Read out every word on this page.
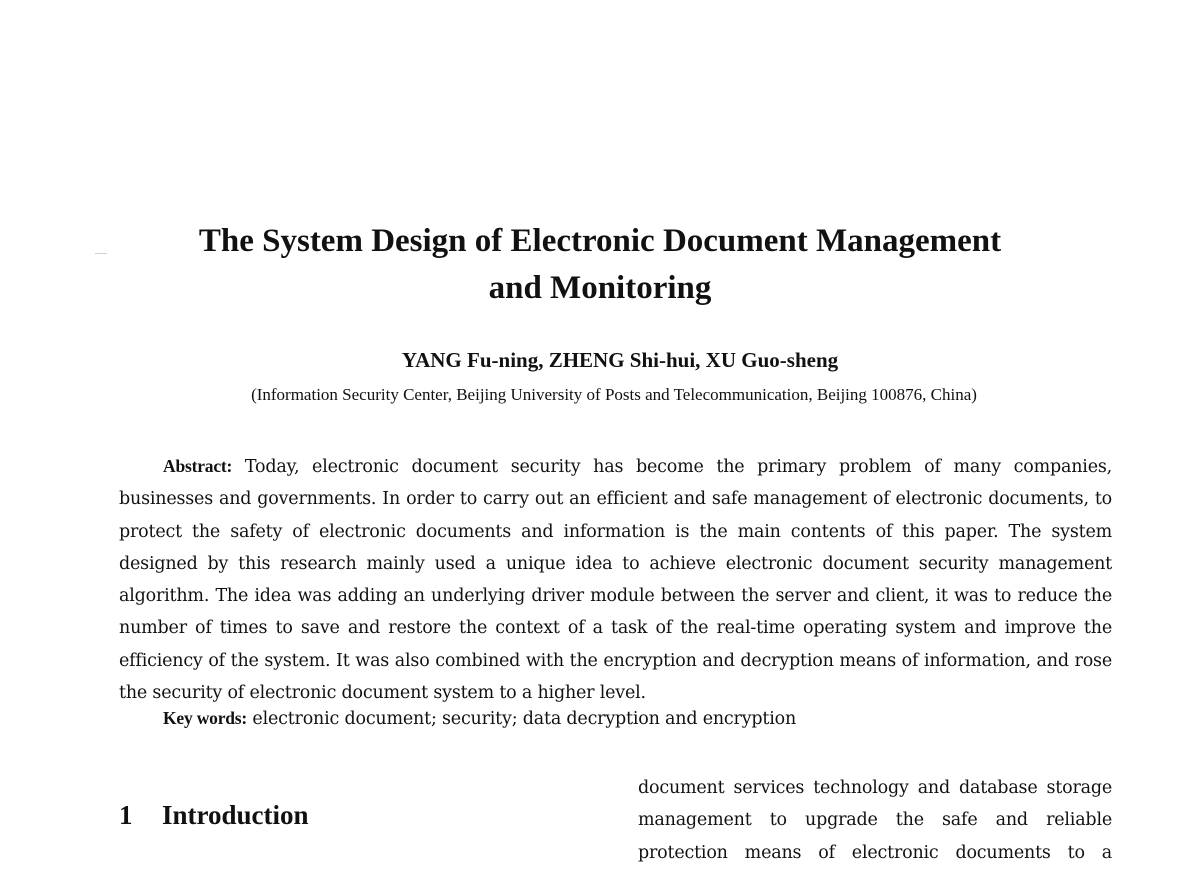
The System Design of Electronic Document Management
and Monitoring

YANG Fu-ning, ZHENG Shi-hui, XU Guo-sheng

(Information Security Center, Beijing University of Posts and Telecommunication, Beijing 100876, China)

Abstract: Today, electronic document security has become the primary problem of many companies, businesses and governments. In order to carry out an efficient and safe management of electronic documents, to protect the safety of electronic documents and information is the main contents of this paper. The system designed by this research mainly used a unique idea to achieve electronic document security management algorithm. The idea was adding an underlying driver module between the server and client, it was to reduce the number of times to save and restore the context of a task of the real-time operating system and improve the efficiency of the system. It was also combined with the encryption and decryption means of information, and rose the security of electronic document system to a higher level.

Key words: electronic document; security; data decryption and encryption

1 Introduction
document services technology and database storage
management to upgrade the safe and reliable
protection means of electronic documents to a
